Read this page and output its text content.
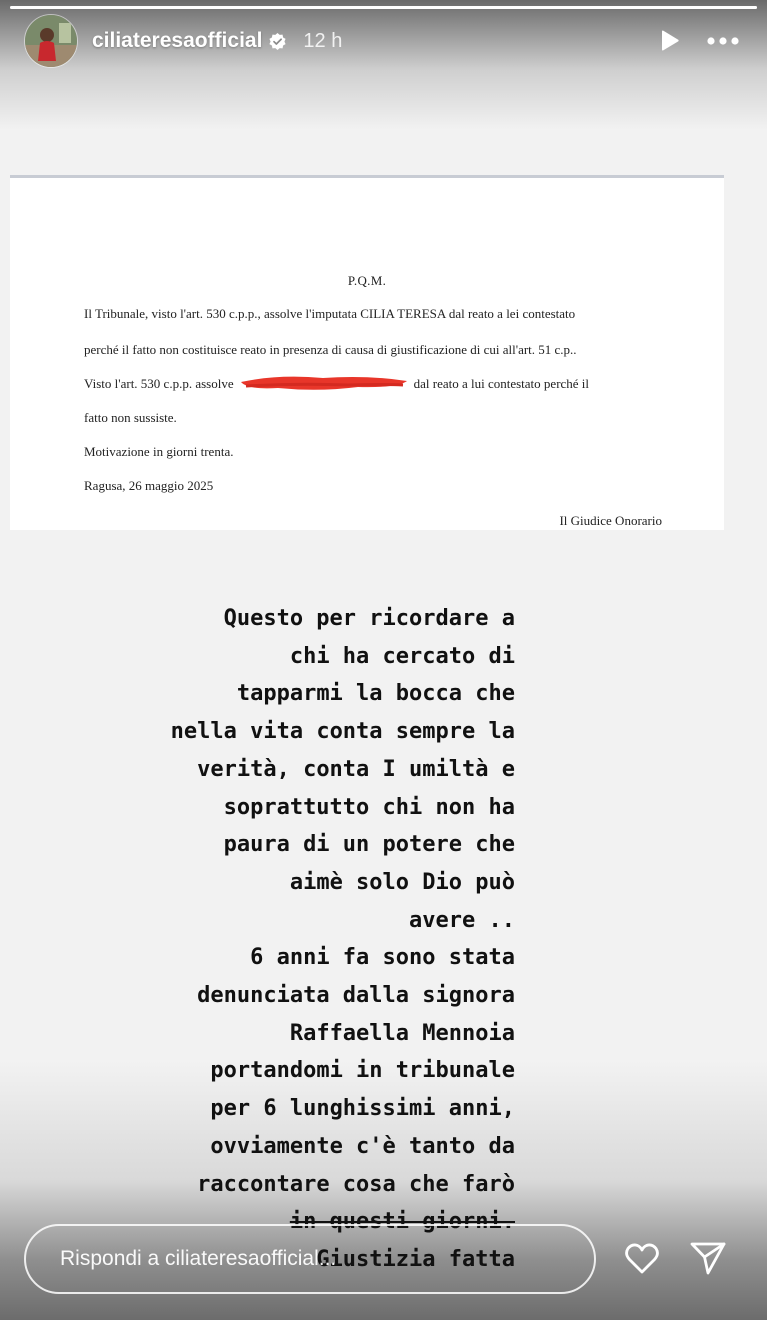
ciliateresaofficial 12 h
P.Q.M.
Il Tribunale, visto l'art. 530 c.p.p., assolve l'imputata CILIA TERESA dal reato a lei contestato
perché il fatto non costituisce reato in presenza di causa di giustificazione di cui all'art. 51 c.p..
Visto l'art. 530 c.p.p. assolve	dal reato a lui contestato perché il
fatto non sussiste.
Motivazione in giorni trenta.
Ragusa, 26 maggio 2025
Il Giudice Onorario
Questo per ricordare a
chi ha cercato di
tapparmi la bocca che
nella vita conta sempre la
verità, conta I umiltà e
soprattutto chi non ha
paura di un potere che
aimè solo Dio può
avere ..
6 anni fa sono stata
denunciata dalla signora
Raffaella Mennoia
portandomi in tribunale
per 6 lunghissimi anni,
ovviamente c'è tanto da
raccontare cosa che farò
in questi giorni.
Giustizia fatta
Rispondi a ciliateresaofficial...
